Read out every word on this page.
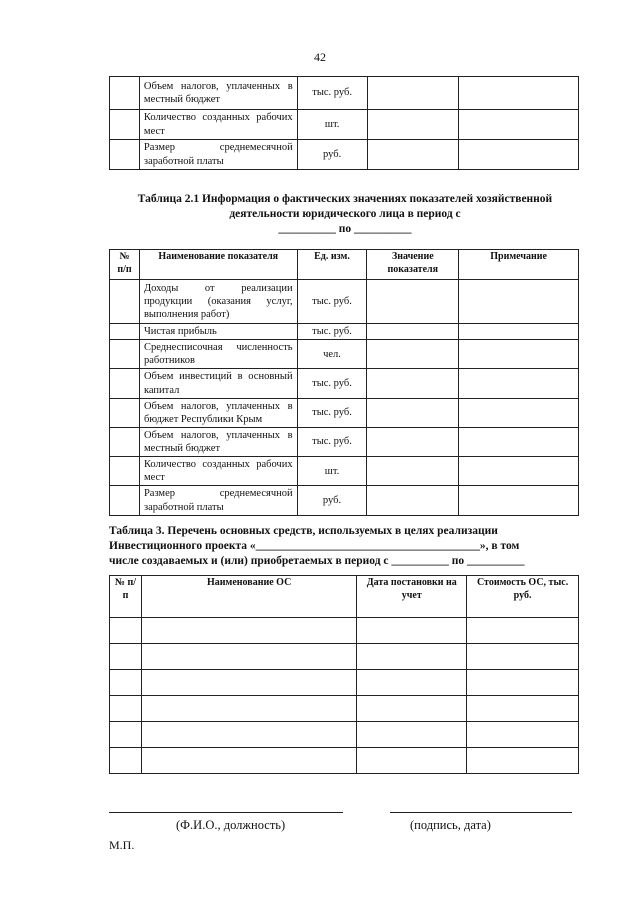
42
	Объем налогов, уплаченных в местный бюджет	тыс. руб.		
	Количество созданных рабочих мест	шт.		
	Размер среднемесячной заработной платы	руб.		
Таблица 2.1 Информация о фактических значениях показателей хозяйственной
деятельности юридического лица в период с
__________ по __________
№ п/п	Наименование показателя	Ед. изм.	Значение показателя	Примечание
	Доходы от реализации продукции (оказания услуг, выполнения работ)	тыс. руб.		
	Чистая прибыль	тыс. руб.		
	Среднесписочная численность работников	чел.		
	Объем инвестиций в основный капитал	тыс. руб.		
	Объем налогов, уплаченных в бюджет Республики Крым	тыс. руб.		
	Объем налогов, уплаченных в местный бюджет	тыс. руб.		
	Количество созданных рабочих мест	шт.		
	Размер среднемесячной заработной платы	руб.		
Таблица 3. Перечень основных средств, используемых в целях реализации
Инвестиционного проекта «_______________________________________», в том
числе создаваемых и (или) приобретаемых в период с __________ по __________
№ п/п	Наименование ОС	Дата постановки на учет	Стоимость ОС, тыс. руб.

(Ф.И.О., должность)	(подпись, дата)
М.П.
